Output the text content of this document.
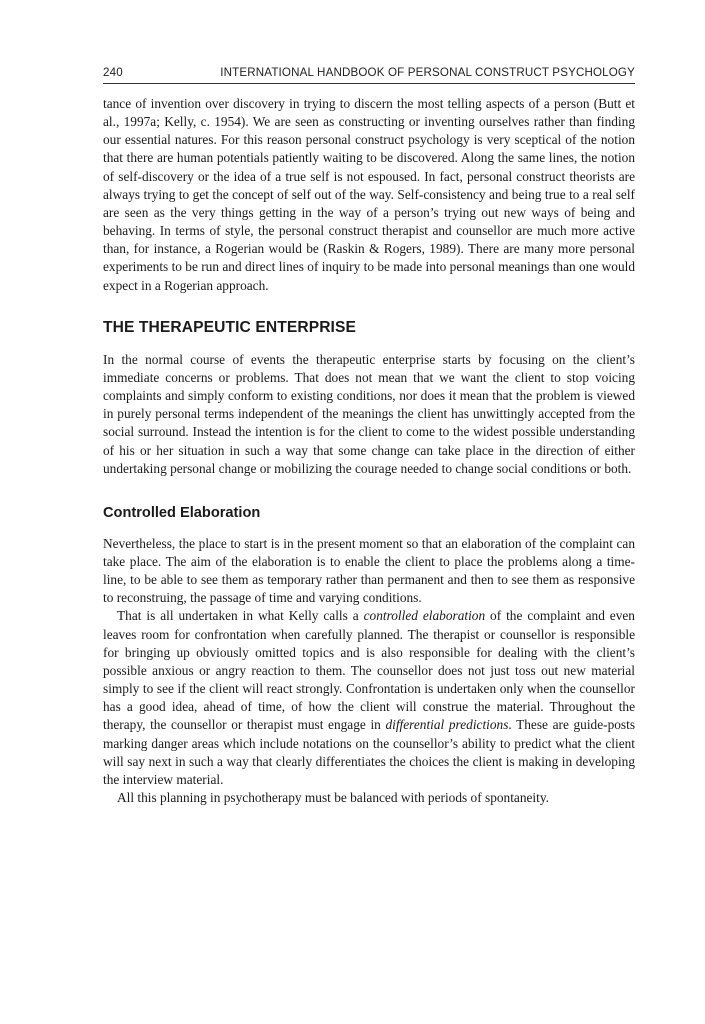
240	INTERNATIONAL HANDBOOK OF PERSONAL CONSTRUCT PSYCHOLOGY

tance of invention over discovery in trying to discern the most telling aspects of a person (Butt et al., 1997a; Kelly, c. 1954). We are seen as constructing or inventing ourselves rather than finding our essential natures. For this reason personal construct psychology is very sceptical of the notion that there are human potentials patiently waiting to be discovered. Along the same lines, the notion of self-discovery or the idea of a true self is not espoused. In fact, personal construct theorists are always trying to get the concept of self out of the way. Self-consistency and being true to a real self are seen as the very things getting in the way of a person’s trying out new ways of being and behaving. In terms of style, the personal construct therapist and counsellor are much more active than, for instance, a Rogerian would be (Raskin & Rogers, 1989). There are many more personal experiments to be run and direct lines of inquiry to be made into personal meanings than one would expect in a Rogerian approach.

THE THERAPEUTIC ENTERPRISE

In the normal course of events the therapeutic enterprise starts by focusing on the client’s immediate concerns or problems. That does not mean that we want the client to stop voicing complaints and simply conform to existing conditions, nor does it mean that the problem is viewed in purely personal terms independent of the meanings the client has unwittingly accepted from the social surround. Instead the intention is for the client to come to the widest possible understanding of his or her situation in such a way that some change can take place in the direction of either undertaking personal change or mobilizing the courage needed to change social conditions or both.

Controlled Elaboration

Nevertheless, the place to start is in the present moment so that an elaboration of the complaint can take place. The aim of the elaboration is to enable the client to place the problems along a time-line, to be able to see them as temporary rather than permanent and then to see them as responsive to reconstruing, the passage of time and varying conditions.

That is all undertaken in what Kelly calls a controlled elaboration of the complaint and even leaves room for confrontation when carefully planned. The therapist or counsellor is responsible for bringing up obviously omitted topics and is also responsible for dealing with the client’s possible anxious or angry reaction to them. The counsellor does not just toss out new material simply to see if the client will react strongly. Confrontation is undertaken only when the counsellor has a good idea, ahead of time, of how the client will construe the material. Throughout the therapy, the counsellor or therapist must engage in differential predictions. These are guide-posts marking danger areas which include notations on the counsellor’s ability to predict what the client will say next in such a way that clearly differentiates the choices the client is making in developing the interview material.

All this planning in psychotherapy must be balanced with periods of spontaneity.
